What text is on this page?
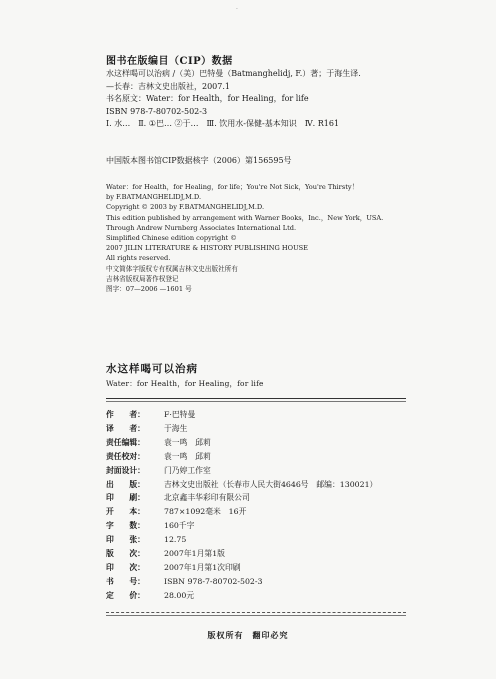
·
图书在版编目（CIP）数据
水这样喝可以治病 /（美）巴特曼（Batmanghelidj, F.）著；于海生译.
—长春：吉林文史出版社，2007.1
书名原文：Water：for Health，for Healing，for life
ISBN 978-7-80702-502-3
Ⅰ. 水…　Ⅱ. ①巴… ②于…　Ⅲ. 饮用水-保健-基本知识　Ⅳ. R161
中国版本图书馆CIP数据核字（2006）第156595号
Water：for Health，for Healing，for life；You're Not Sick，You're Thirsty！
by F.BATMANGHELIDJ,M.D.
Copyright © 2003 by F.BATMANGHELIDJ,M.D.
This edition published by arrangement with Warner Books，Inc.，New York，USA.
Through Andrew Nurnberg Associates International Ltd.
Simplified Chinese edition copyright ©
2007 JILIN LITERATURE & HISTORY PUBLISHING HOUSE
All rights reserved.
中文简体字版权专有权属吉林文史出版社所有
吉林省版权局著作权登记
图字：07—2006 —1601 号
水这样喝可以治病
Water：for Health，for Healing，for life
作　　者：	F·巴特曼
译　　者：	于海生
责任编辑：	袁一鸣　邱莉
责任校对：	袁一鸣　邱莉
封面设计：	门乃婷工作室
出　　版：	吉林文史出版社（长春市人民大街4646号　邮编：130021）
印　　刷：	北京鑫丰华彩印有限公司
开　　本：	787×1092毫米　16开
字　　数：	160千字
印　　张：	12.75
版　　次：	2007年1月第1版
印　　次：	2007年1月第1次印刷
书　　号：	ISBN 978-7-80702-502-3
定　　价：	28.00元
版权所有　翻印必究
